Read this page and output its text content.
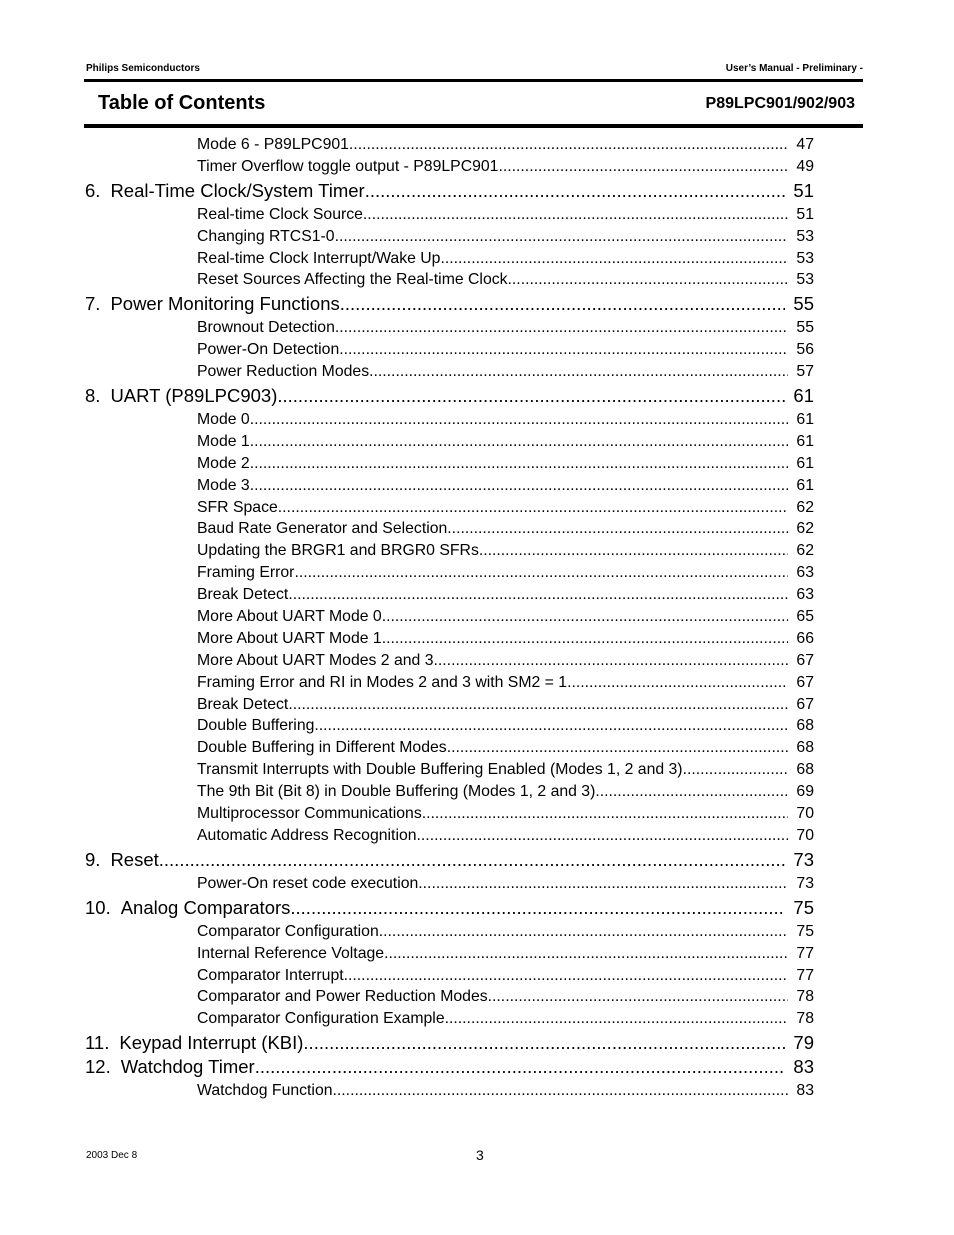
Philips Semiconductors	User’s Manual - Preliminary -
Table of Contents	P89LPC901/902/903
Mode 6 - P89LPC901 .....	47
Timer Overflow toggle output - P89LPC901 .....	49
6. Real-Time Clock/System Timer .....	51
Real-time Clock Source .....	51
Changing RTCS1-0 .....	53
Real-time Clock Interrupt/Wake Up .....	53
Reset Sources Affecting the Real-time Clock .....	53
7. Power Monitoring Functions .....	55
Brownout Detection .....	55
Power-On Detection .....	56
Power Reduction Modes .....	57
8. UART (P89LPC903) .....	61
Mode 0 .....	61
Mode 1 .....	61
Mode 2 .....	61
Mode 3 .....	61
SFR Space .....	62
Baud Rate Generator and Selection .....	62
Updating the BRGR1 and BRGR0 SFRs .....	62
Framing Error .....	63
Break Detect .....	63
More About UART Mode 0 .....	65
More About UART Mode 1 .....	66
More About UART Modes 2 and 3 .....	67
Framing Error and RI in Modes 2 and 3 with SM2 = 1 .....	67
Break Detect .....	67
Double Buffering .....	68
Double Buffering in Different Modes .....	68
Transmit Interrupts with Double Buffering Enabled (Modes 1, 2 and 3) .....	68
The 9th Bit (Bit 8) in Double Buffering (Modes 1, 2 and 3) .....	69
Multiprocessor Communications .....	70
Automatic Address Recognition .....	70
9. Reset .....	73
Power-On reset code execution .....	73
10. Analog Comparators .....	75
Comparator Configuration .....	75
Internal Reference Voltage .....	77
Comparator Interrupt .....	77
Comparator and Power Reduction Modes .....	78
Comparator Configuration Example .....	78
11. Keypad Interrupt (KBI) .....	79
12. Watchdog Timer .....	83
Watchdog Function .....	83
2003 Dec 8	3
